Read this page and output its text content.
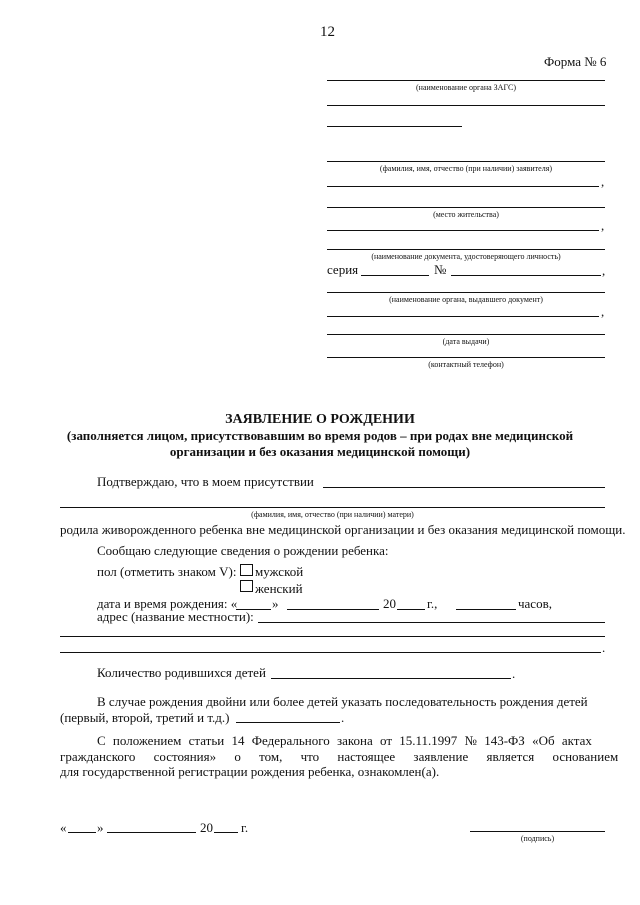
12
Форма № 6
(наименование органа ЗАГС)
(фамилия, имя, отчество (при наличии) заявителя)
,
(место жительства)
,
(наименование документа, удостоверяющего личность)
серия	№	,
(наименование органа, выдавшего документ)
,
(дата выдачи)
(контактный телефон)
ЗАЯВЛЕНИЕ О РОЖДЕНИИ
(заполняется лицом, присутствовавшим во время родов – при родах вне медицинской
организации и без оказания медицинской помощи)
Подтверждаю, что в моем присутствии
(фамилия, имя, отчество (при наличии) матери)
родила живорожденного ребенка вне медицинской организации и без оказания медицинской помощи.
Сообщаю следующие сведения о рождении ребенка:
пол (отметить знаком V): мужской
женский
дата и время рождения: «	»	20 г.,	часов,
адрес (название местности):
.
Количество родившихся детей	.
В случае рождения двойни или более детей указать последовательность рождения детей
(первый, второй, третий и т.д.)	.
С положением статьи 14 Федерального закона от 15.11.1997 № 143-ФЗ «Об актах
гражданского состояния» о том, что настоящее заявление является основанием
для государственной регистрации рождения ребенка, ознакомлен(а).
« »	20 г.
(подпись)
